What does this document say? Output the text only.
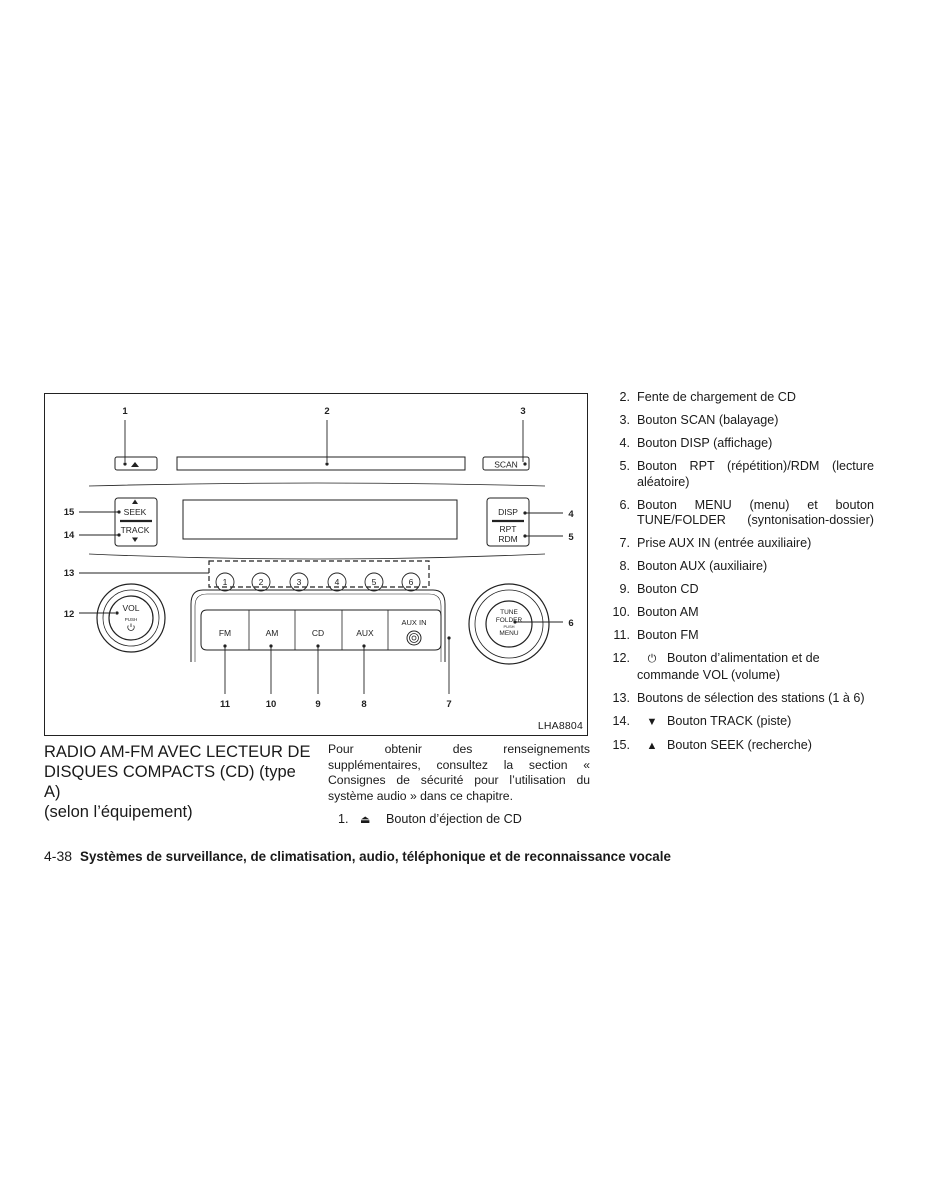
1	2	3
4
5
6
7
8
9
10
11
12
13
14
15
SCAN
SEEK
TRACK
DISP
RPT
RDM
1	2	3	4	5	6
VOL
PUSH
FM	AM	CD	AUX
AUX IN
TUNE
FOLDER
PUSH
MENU
LHA8804
RADIO AM-FM AVEC LECTEUR DE
DISQUES COMPACTS (CD) (type A)
(selon l’équipement)

Pour obtenir des renseignements supplémentaires, consultez la section « Consignes de sécurité pour l’utilisation du système audio » dans ce chapitre.

1.	⏏	Bouton d’éjection de CD
2. Fente de chargement de CD
3. Bouton SCAN (balayage)
4. Bouton DISP (affichage)
5. Bouton RPT (répétition)/RDM (lecture aléatoire)
6. Bouton MENU (menu) et bouton TUNE/FOLDER (syntonisation-dossier)
7. Prise AUX IN (entrée auxiliaire)
8. Bouton AUX (auxiliaire)
9. Bouton CD
10. Bouton AM
11. Bouton FM
12.	⏻ Bouton d’alimentation et de commande VOL (volume)
13. Boutons de sélection des stations (1 à 6)
14.	▼ Bouton TRACK (piste)
15.	▲ Bouton SEEK (recherche)
4-38 Systèmes de surveillance, de climatisation, audio, téléphonique et de reconnaissance vocale
